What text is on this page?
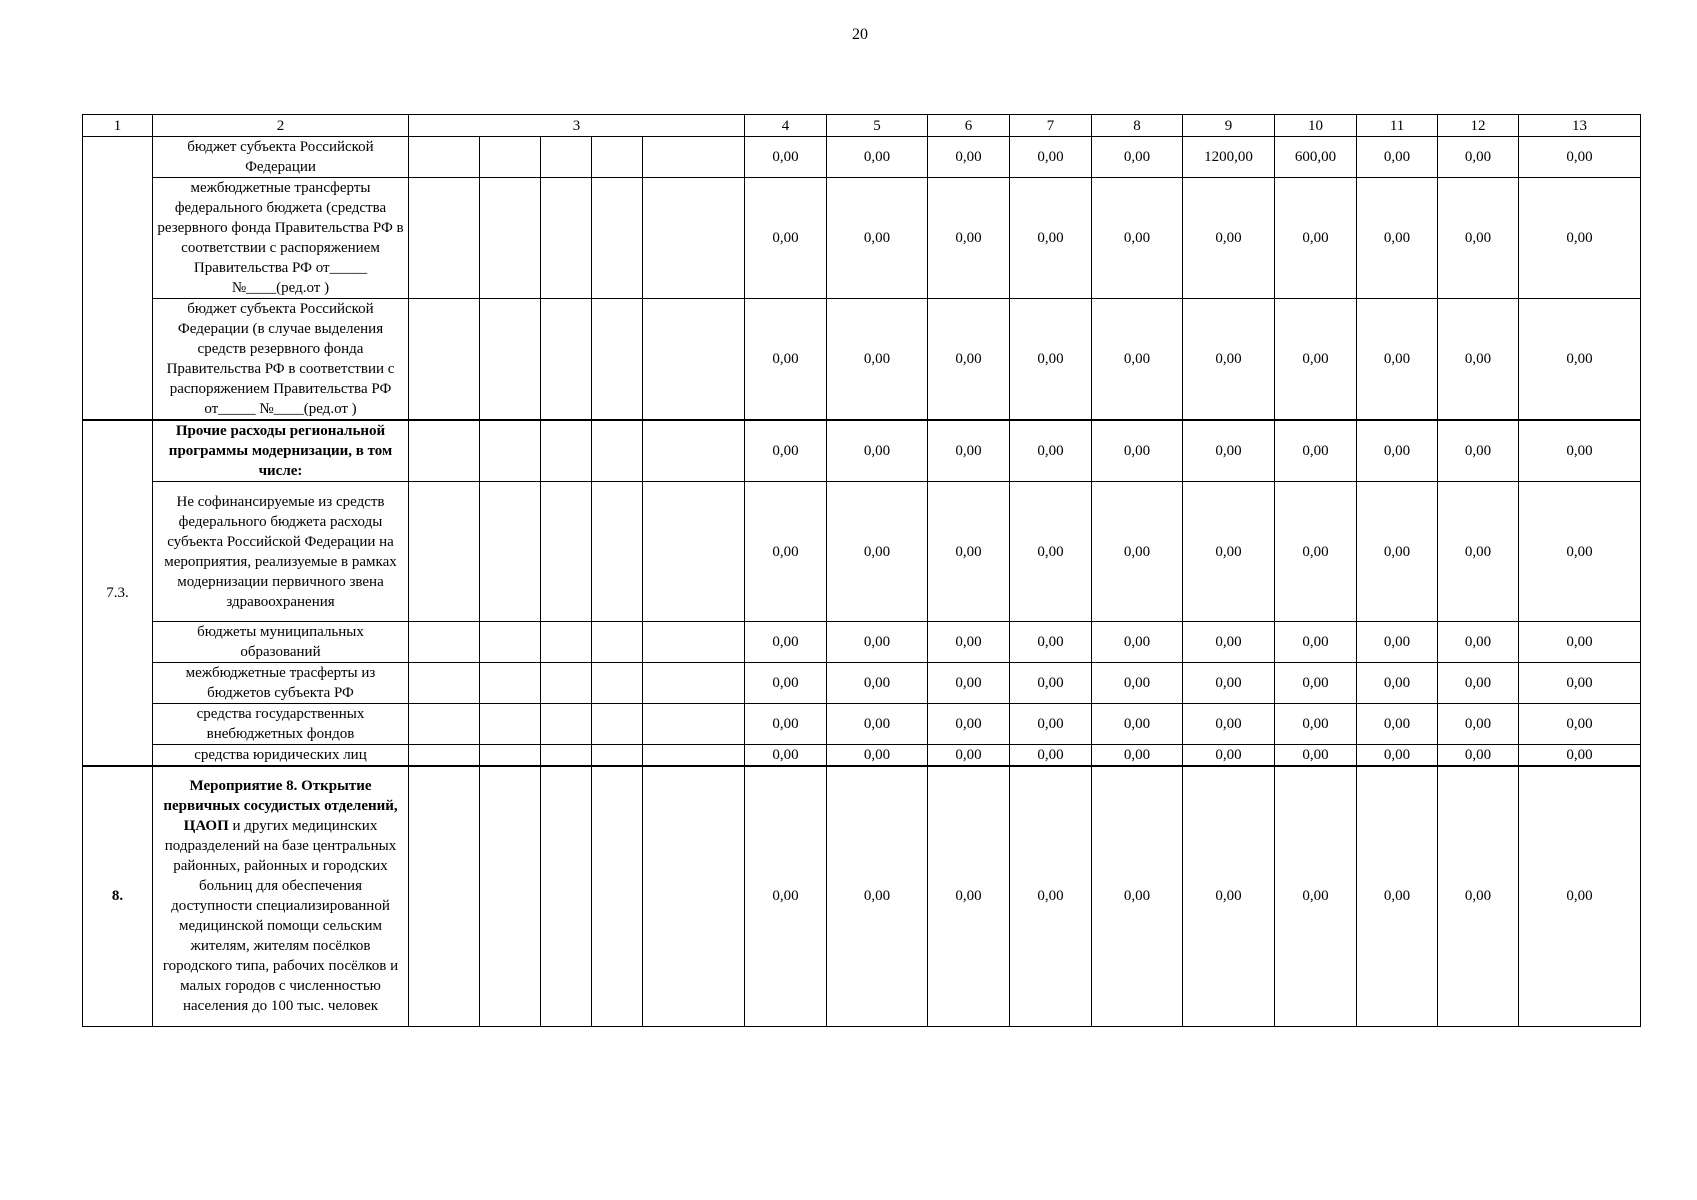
20
1	2	3					4	5	6	7	8	9	10	11	12	13	
	бюджет субъекта Российской Федерации						0,00	0,00	0,00	0,00	0,00	1200,00	600,00	0,00	0,00	0,00	
	межбюджетные трансферты федерального бюджета (средства резервного фонда Правительства РФ в соответствии с распоряжением Правительства РФ от_____ №____(ред.от )						0,00	0,00	0,00	0,00	0,00	0,00	0,00	0,00	0,00	0,00	
	бюджет субъекта Российской Федерации (в случае выделения средств резервного фонда Правительства РФ в соответствии с распоряжением Правительства РФ от_____ №____(ред.от )						0,00	0,00	0,00	0,00	0,00	0,00	0,00	0,00	0,00	0,00	
7.3.	Прочие расходы региональной программы модернизации, в том числе:						0,00	0,00	0,00	0,00	0,00	0,00	0,00	0,00	0,00	0,00	
	Не софинансируемые из средств федерального бюджета расходы субъекта Российской Федерации на мероприятия, реализуемые в рамках модернизации первичного звена здравоохранения						0,00	0,00	0,00	0,00	0,00	0,00	0,00	0,00	0,00	0,00	
	бюджеты муниципальных образований						0,00	0,00	0,00	0,00	0,00	0,00	0,00	0,00	0,00	0,00	
	межбюджетные трасферты из бюджетов субъекта РФ						0,00	0,00	0,00	0,00	0,00	0,00	0,00	0,00	0,00	0,00	
	средства государственных внебюджетных фондов						0,00	0,00	0,00	0,00	0,00	0,00	0,00	0,00	0,00	0,00	
	средства юридических лиц						0,00	0,00	0,00	0,00	0,00	0,00	0,00	0,00	0,00	0,00	
8.	Мероприятие 8. Открытие первичных сосудистых отделений, ЦАОП и других медицинских подразделений на базе центральных районных, районных и городских больниц для обеспечения доступности специализированной медицинской помощи сельским жителям, жителям посёлков городского типа, рабочих посёлков и малых городов с численностью населения до 100 тыс. человек						0,00	0,00	0,00	0,00	0,00	0,00	0,00	0,00	0,00	0,00	
